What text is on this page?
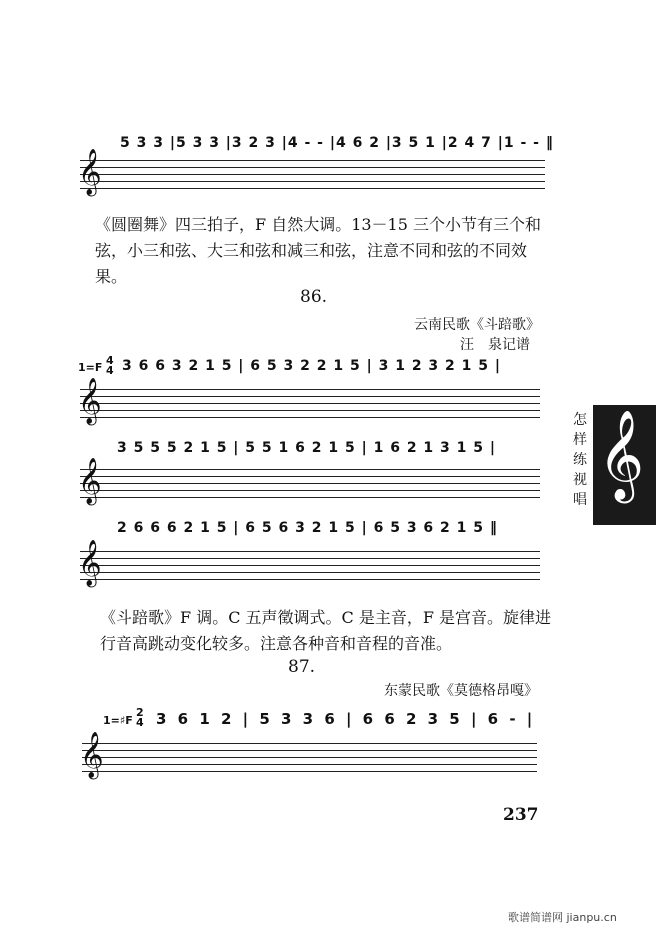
5 3 3 |5 3 3 |3 2 3 |4 - - |4 6 2 |3 5 1 |2 4 7 |1 - - ‖
𝄞
《圆圈舞》四三拍子，F 自然大调。13－15 三个小节有三个和
弦，小三和弦、大三和弦和减三和弦，注意不同和弦的不同效
果。
86.
云南民歌《斗踣歌》
汪　泉记谱
1=F
4
4 3 6 6 3 2 1 5 | 6 5 3 2 2 1 5 | 3 1 2 3 2 1 5 |
𝄞
3 5 5 5 2 1 5 | 5 5 1 6 2 1 5 | 1 6 2 1 3 1 5 |
𝄞
2 6 6 6 2 1 5 | 6 5 6 3 2 1 5 | 6 5 3 6 2 1 5 ‖
𝄞
《斗踣歌》F 调。C 五声徵调式。C 是主音，F 是宫音。旋律进
行音高跳动变化较多。注意各种音和音程的音准。
87.
东蒙民歌《莫德格昂嘎》
1=♯F
2
4 3 6 1 2 | 5 3 3 6 | 6 6 2 3 5 | 6 - |
𝄞
怎
样
练
视
唱 𝄞
237
歌谱简谱网 jianpu.cn
